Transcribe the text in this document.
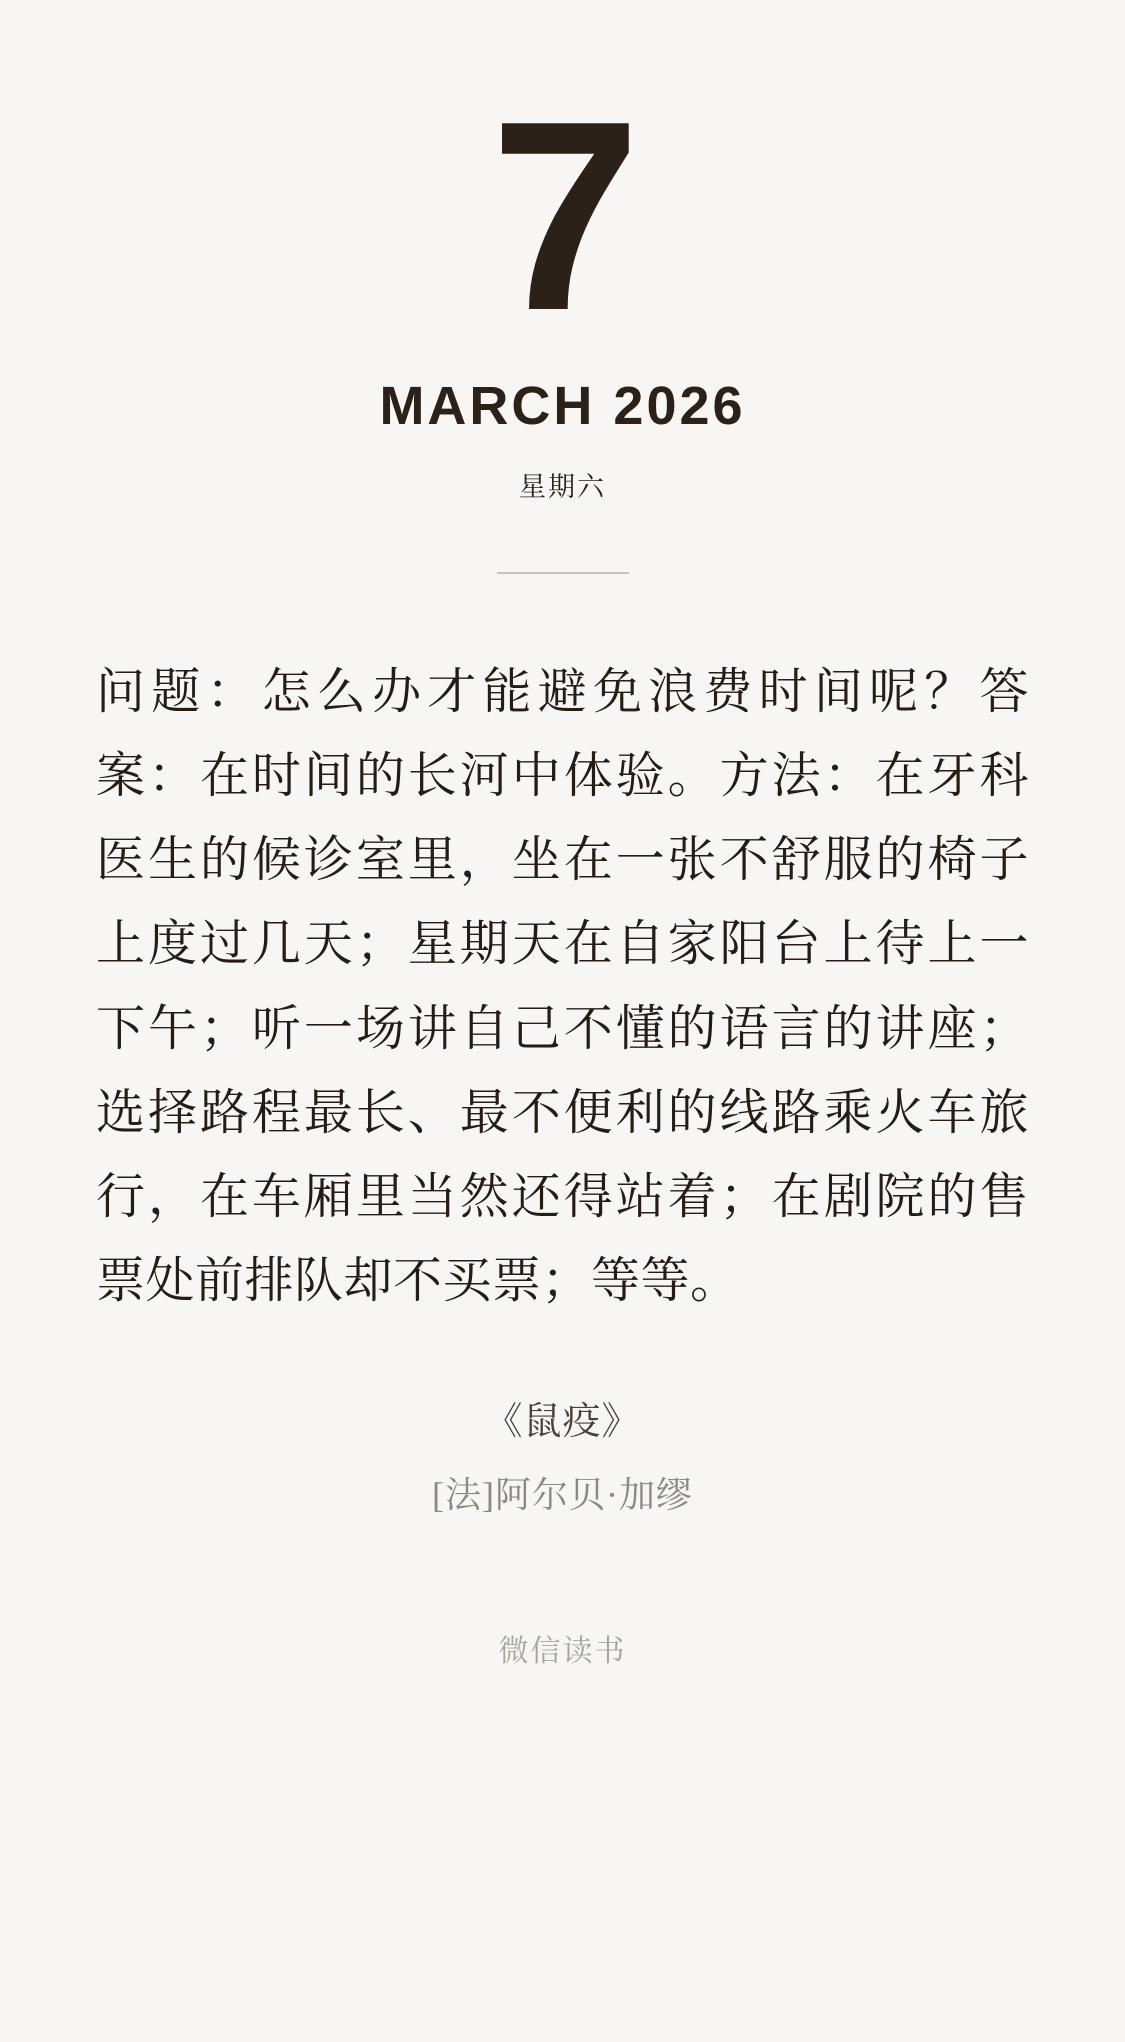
7
MARCH 2026
星期六

问题：怎么办才能避免浪费时间呢？答案：在时间的长河中体验。方法：在牙科医生的候诊室里，坐在一张不舒服的椅子上度过几天；星期天在自家阳台上待上一下午；听一场讲自己不懂的语言的讲座；选择路程最长、最不便利的线路乘火车旅行，在车厢里当然还得站着；在剧院的售票处前排队却不买票；等等。

《鼠疫》
[法]阿尔贝·加缪
微信读书
